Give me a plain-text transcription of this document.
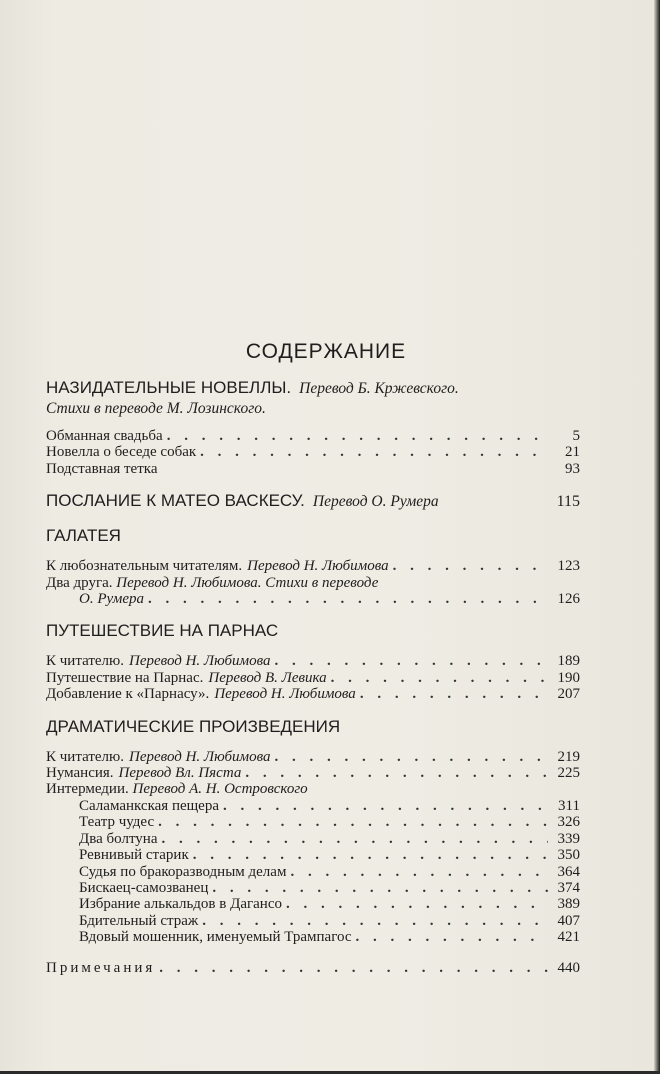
СОДЕРЖАНИЕ
НАЗИДАТЕЛЬНЫЕ НОВЕЛЛЫ. Перевод Б. Кржевского.
Стихи в переводе М. Лозинского.
Обманная свадьба . . .	5
Новелла о беседе собак . . .	21
Подставная тетка	93
ПОСЛАНИЕ К МАТЕО ВАСКЕСУ. Перевод О. Румера	115
ГАЛАТЕЯ
К любознательным читателям. Перевод Н. Любимова . . .	123
Два друга. Перевод Н. Любимова. Стихи в переводе
О. Румера . . .	126
ПУТЕШЕСТВИЕ НА ПАРНАС
К читателю. Перевод Н. Любимова . . .	189
Путешествие на Парнас. Перевод В. Левика . . .	190
Добавление к «Парнасу». Перевод Н. Любимова . . .	207
ДРАМАТИЧЕСКИЕ ПРОИЗВЕДЕНИЯ
К читателю. Перевод Н. Любимова . . .	219
Нумансия. Перевод Вл. Пяста . . .	225
Интермедии. Перевод А. Н. Островского
Саламанкская пещера . . .	311
Театр чудес . . .	326
Два болтуна . . .	339
Ревнивый старик . . .	350
Судья по бракоразводным делам . . .	364
Бискаец-самозванец . . .	374
Избрание алькальдов в Дагансо . . .	389
Бдительный страж . . .	407
Вдовый мошенник, именуемый Трампагос . . .	421
Примечания . . .	440
